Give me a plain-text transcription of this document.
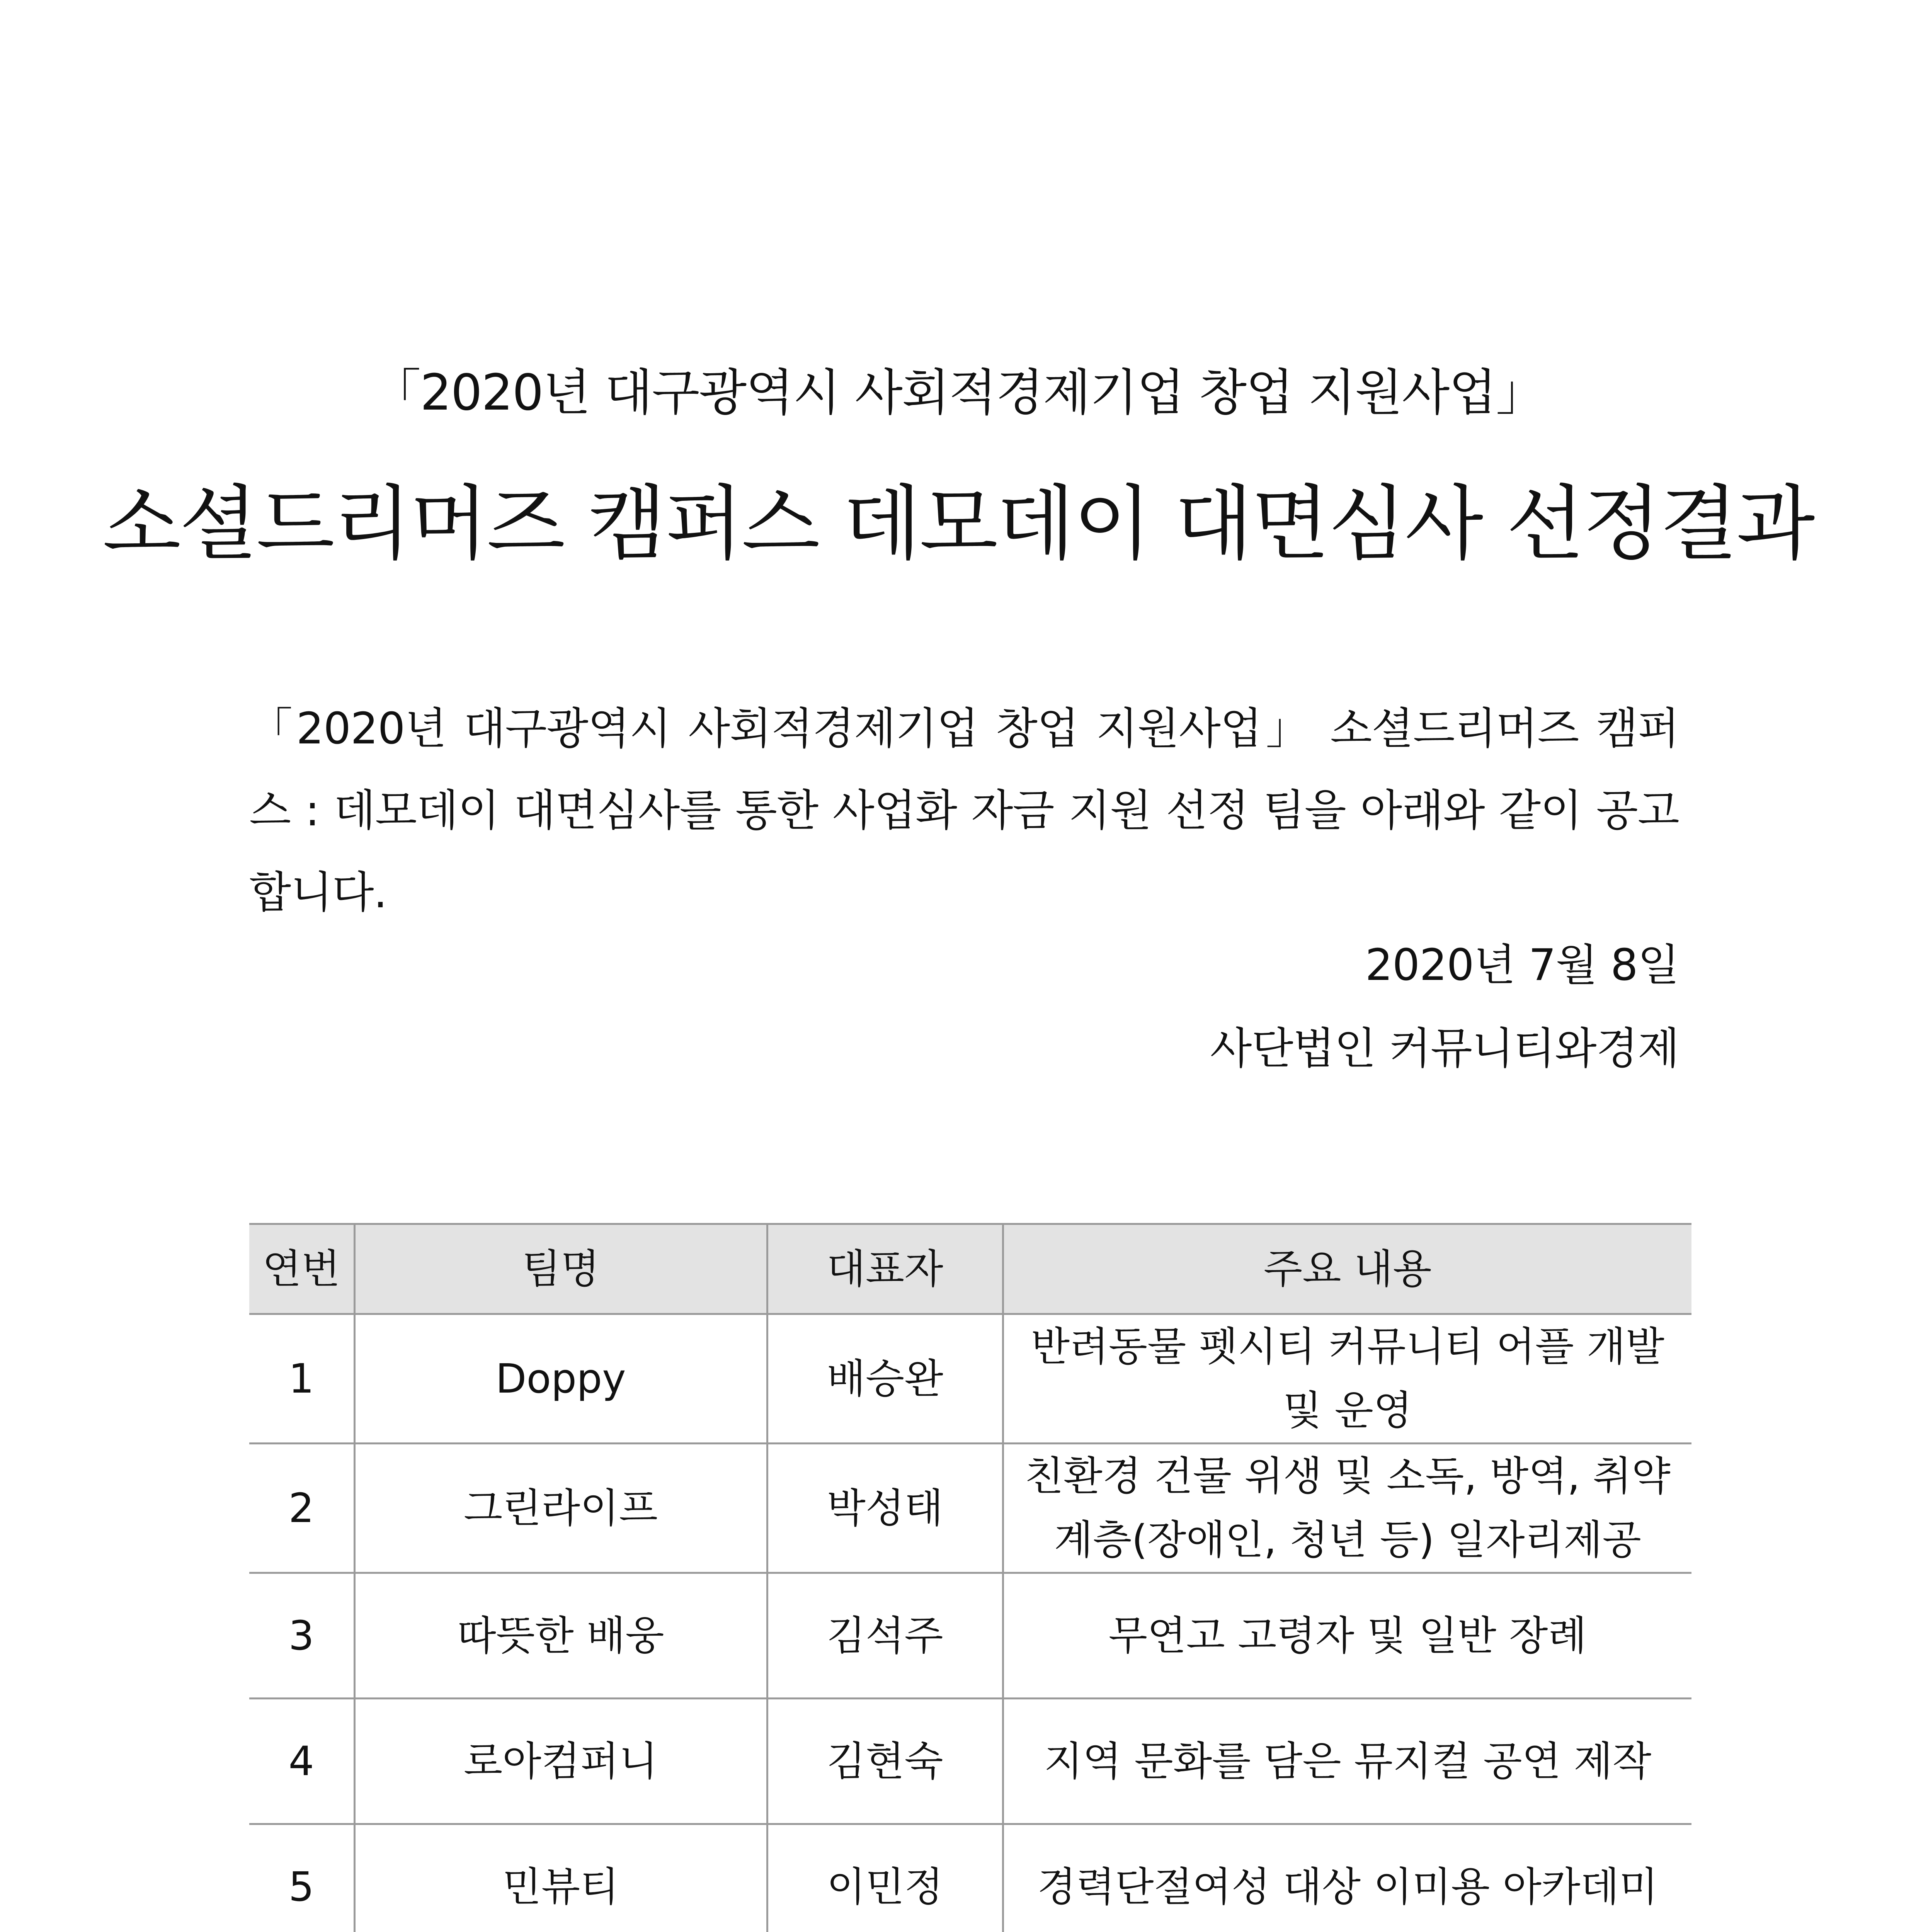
「2020년 대구광역시 사회적경제기업 창업 지원사업」
소셜드리머즈 캠퍼스 데모데이 대면심사 선정결과
「2020년 대구광역시 사회적경제기업 창업 지원사업」 소셜드리머즈 캠퍼스 : 데모데이 대면심사를 통한 사업화 자금 지원 선정 팀을 아래와 같이 공고합니다.
2020년 7월 8일
사단법인 커뮤니티와경제
연번	팀명	대표자	주요 내용
1	Doppy	배승완	반려동물 펫시티 커뮤니티 어플 개발 및 운영
2	그린라이프	박성태	친환경 건물 위생 및 소독, 방역, 취약계층(장애인, 청년 등) 일자리제공
3	따뜻한 배웅	김석주	무연고 고령자 및 일반 장례
4	로아컴퍼니	김현숙	지역 문화를 담은 뮤지컬 공연 제작
5	민뷰티	이민정	경력단절여성 대상 이미용 아카데미
